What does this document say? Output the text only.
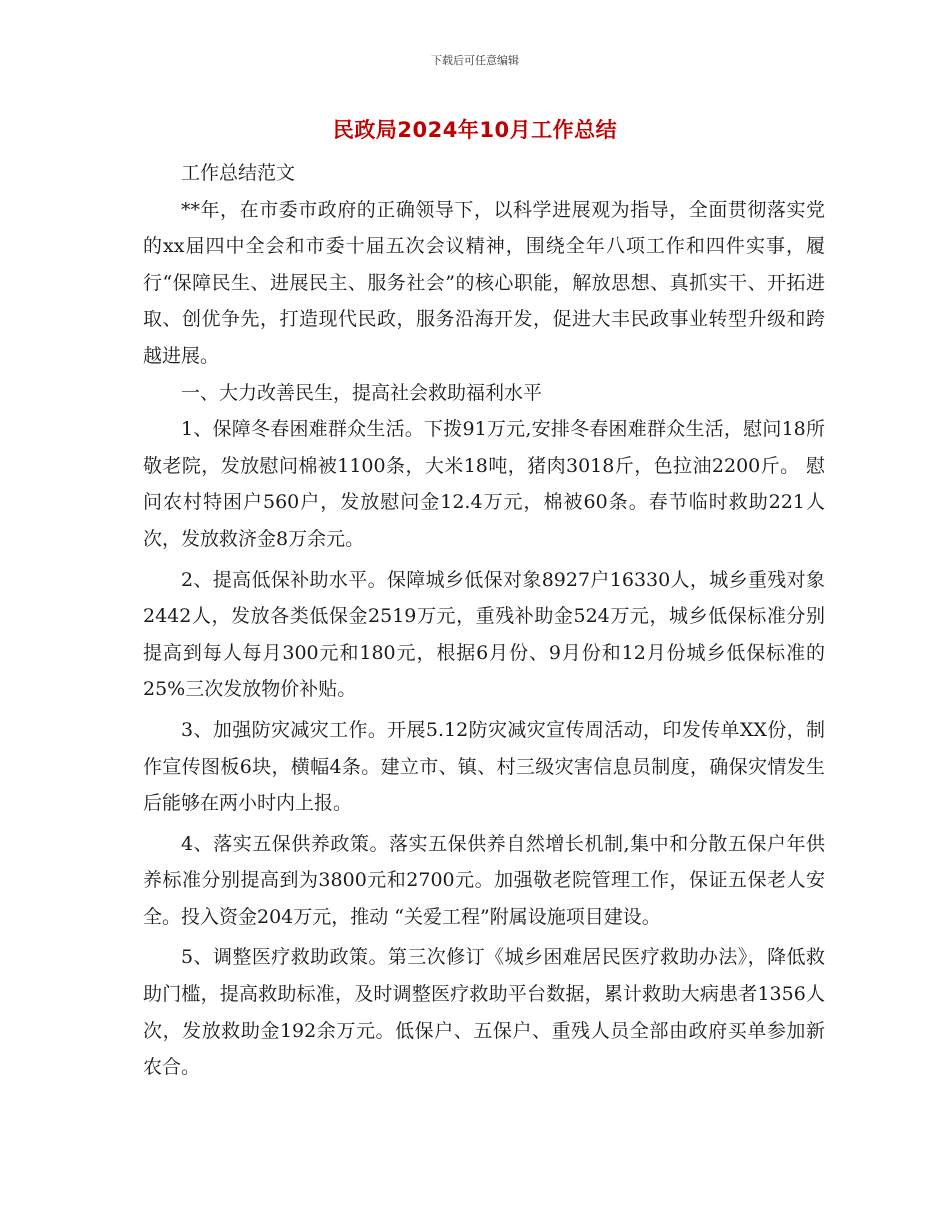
下载后可任意编辑
民政局2024年10月工作总结

工作总结范文

**年，在市委市政府的正确领导下，以科学进展观为指导，全面贯彻落实党的xx届四中全会和市委十届五次会议精神，围绕全年八项工作和四件实事，履行“保障民生、进展民主、服务社会”的核心职能，解放思想、真抓实干、开拓进取、创优争先，打造现代民政，服务沿海开发，促进大丰民政事业转型升级和跨越进展。

一、大力改善民生，提高社会救助福利水平

1、保障冬春困难群众生活。下拨91万元,安排冬春困难群众生活，慰问18所敬老院，发放慰问棉被1100条，大米18吨，猪肉3018斤，色拉油2200斤。 慰问农村特困户560户，发放慰问金12.4万元，棉被60条。春节临时救助221人次，发放救济金8万余元。

2、提高低保补助水平。保障城乡低保对象8927户16330人，城乡重残对象2442人，发放各类低保金2519万元，重残补助金524万元，城乡低保标准分别提高到每人每月300元和180元，根据6月份、9月份和12月份城乡低保标准的25%三次发放物价补贴。

3、加强防灾减灾工作。开展5.12防灾减灾宣传周活动，印发传单XX份，制作宣传图板6块，横幅4条。建立市、镇、村三级灾害信息员制度，确保灾情发生后能够在两小时内上报。

4、落实五保供养政策。落实五保供养自然增长机制,集中和分散五保户年供养标准分别提高到为3800元和2700元。加强敬老院管理工作，保证五保老人安全。投入资金204万元，推动 “关爱工程”附属设施项目建设。

5、调整医疗救助政策。第三次修订《城乡困难居民医疗救助办法》，降低救助门槛，提高救助标准，及时调整医疗救助平台数据，累计救助大病患者1356人次，发放救助金192余万元。低保户、五保户、重残人员全部由政府买单参加新农合。
